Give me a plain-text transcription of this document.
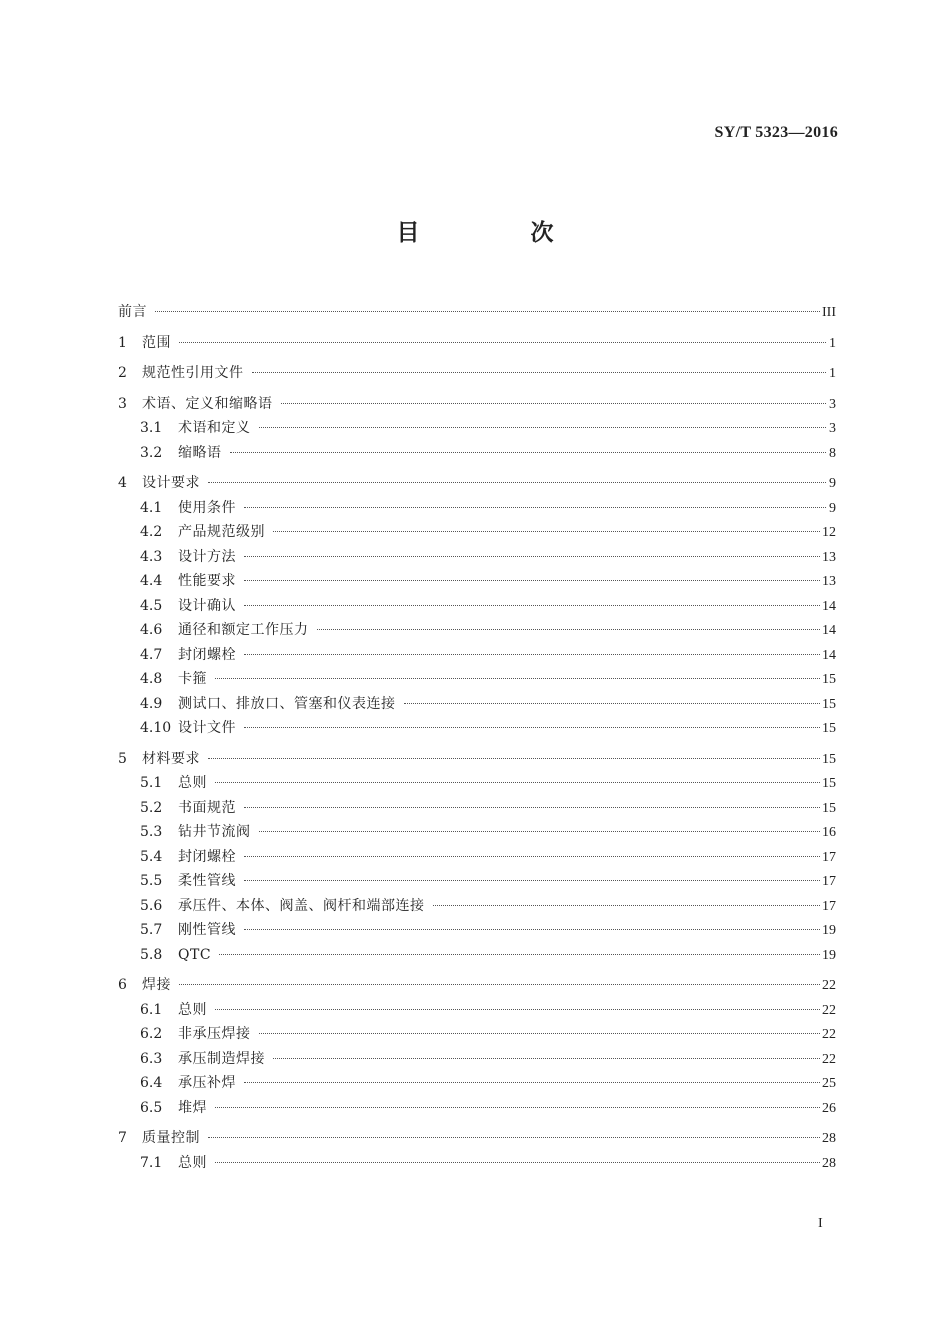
SY/T 5323—2016
目　次
前言	III
1	范围	1
2	规范性引用文件	1
3	术语、定义和缩略语	3
3.1	术语和定义	3
3.2	缩略语	8
4	设计要求	9
4.1	使用条件	9
4.2	产品规范级别	12
4.3	设计方法	13
4.4	性能要求	13
4.5	设计确认	14
4.6	通径和额定工作压力	14
4.7	封闭螺栓	14
4.8	卡箍	15
4.9	测试口、排放口、管塞和仪表连接	15
4.10 设计文件	15
5	材料要求	15
5.1	总则	15
5.2	书面规范	15
5.3	钻井节流阀	16
5.4	封闭螺栓	17
5.5	柔性管线	17
5.6	承压件、本体、阀盖、阀杆和端部连接	17
5.7	刚性管线	19
5.8	QTC	19
6	焊接	22
6.1	总则	22
6.2	非承压焊接	22
6.3	承压制造焊接	22
6.4	承压补焊	25
6.5	堆焊	26
7	质量控制	28
7.1	总则	28
I
